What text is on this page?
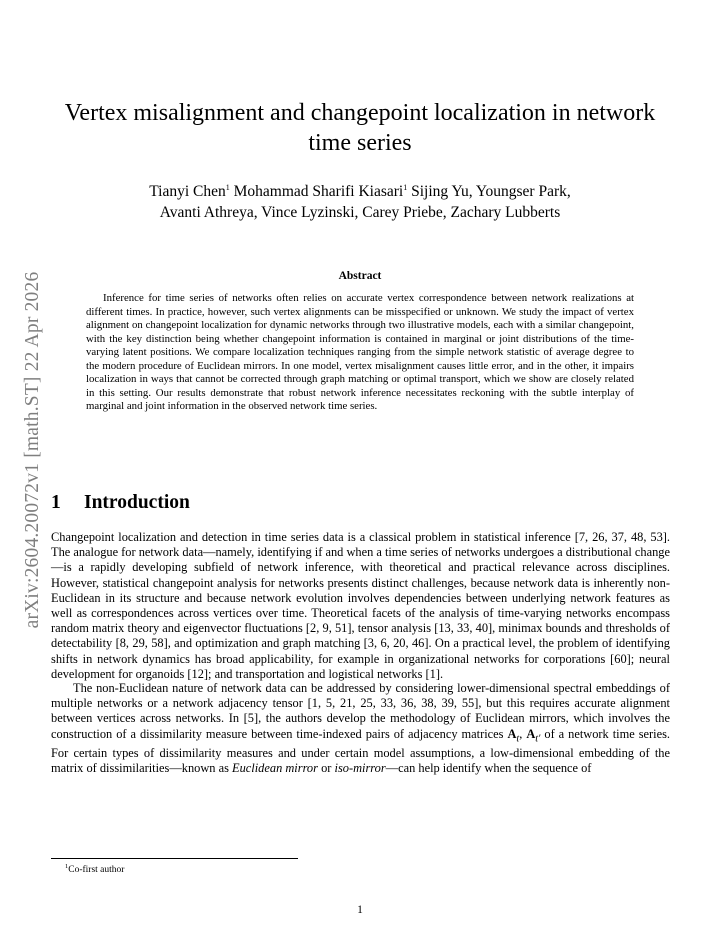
arXiv:2604.20072v1 [math.ST] 22 Apr 2026
Vertex misalignment and changepoint localization in network time series
Tianyi Chen$^1$ Mohammad Sharifi Kiasari$^1$ Sijing Yu, Youngser Park,
Avanti Athreya, Vince Lyzinski, Carey Priebe, Zachary Lubberts
Abstract

Inference for time series of networks often relies on accurate vertex correspondence between network realizations at different times. In practice, however, such vertex alignments can be misspecified or unknown. We study the impact of vertex alignment on changepoint localization for dynamic networks through two illustrative models, each with a similar changepoint, with the key distinction being whether changepoint information is contained in marginal or joint distributions of the time-varying latent positions. We compare localization techniques ranging from the simple network statistic of average degree to the modern procedure of Euclidean mirrors. In one model, vertex misalignment causes little error, and in the other, it impairs localization in ways that cannot be corrected through graph matching or optimal transport, which we show are closely related in this setting. Our results demonstrate that robust network inference necessitates reckoning with the subtle interplay of marginal and joint information in the observed network time series.

1 Introduction

Changepoint localization and detection in time series data is a classical problem in statistical inference [7, 26, 37, 48, 53]. The analogue for network data—namely, identifying if and when a time series of networks undergoes a distributional change—is a rapidly developing subfield of network inference, with theoretical and practical relevance across disciplines. However, statistical changepoint analysis for networks presents distinct challenges, because network data is inherently non-Euclidean in its structure and because network evolution involves dependencies between underlying network features as well as correspondences across vertices over time. Theoretical facets of the analysis of time-varying networks encompass random matrix theory and eigenvector fluctuations [2, 9, 51], tensor analysis [13, 33, 40], minimax bounds and thresholds of detectability [8, 29, 58], and optimization and graph matching [3, 6, 20, 46]. On a practical level, the problem of identifying shifts in network dynamics has broad applicability, for example in organizational networks for corporations [60]; neural development for organoids [12]; and transportation and logistical networks [1].

The non-Euclidean nature of network data can be addressed by considering lower-dimensional spectral embeddings of multiple networks or a network adjacency tensor [1, 5, 21, 25, 33, 36, 38, 39, 55], but this requires accurate alignment between vertices across networks. In [5], the authors develop the methodology of Euclidean mirrors, which involves the construction of a dissimilarity measure between time-indexed pairs of adjacency matrices $A_t$, $A_{t'}$ of a network time series. For certain types of dissimilarity measures and under certain model assumptions, a low-dimensional embedding of the matrix of dissimilarities—known as Euclidean mirror or iso-mirror—can help identify when the sequence of

$^1$Co-first author
1
